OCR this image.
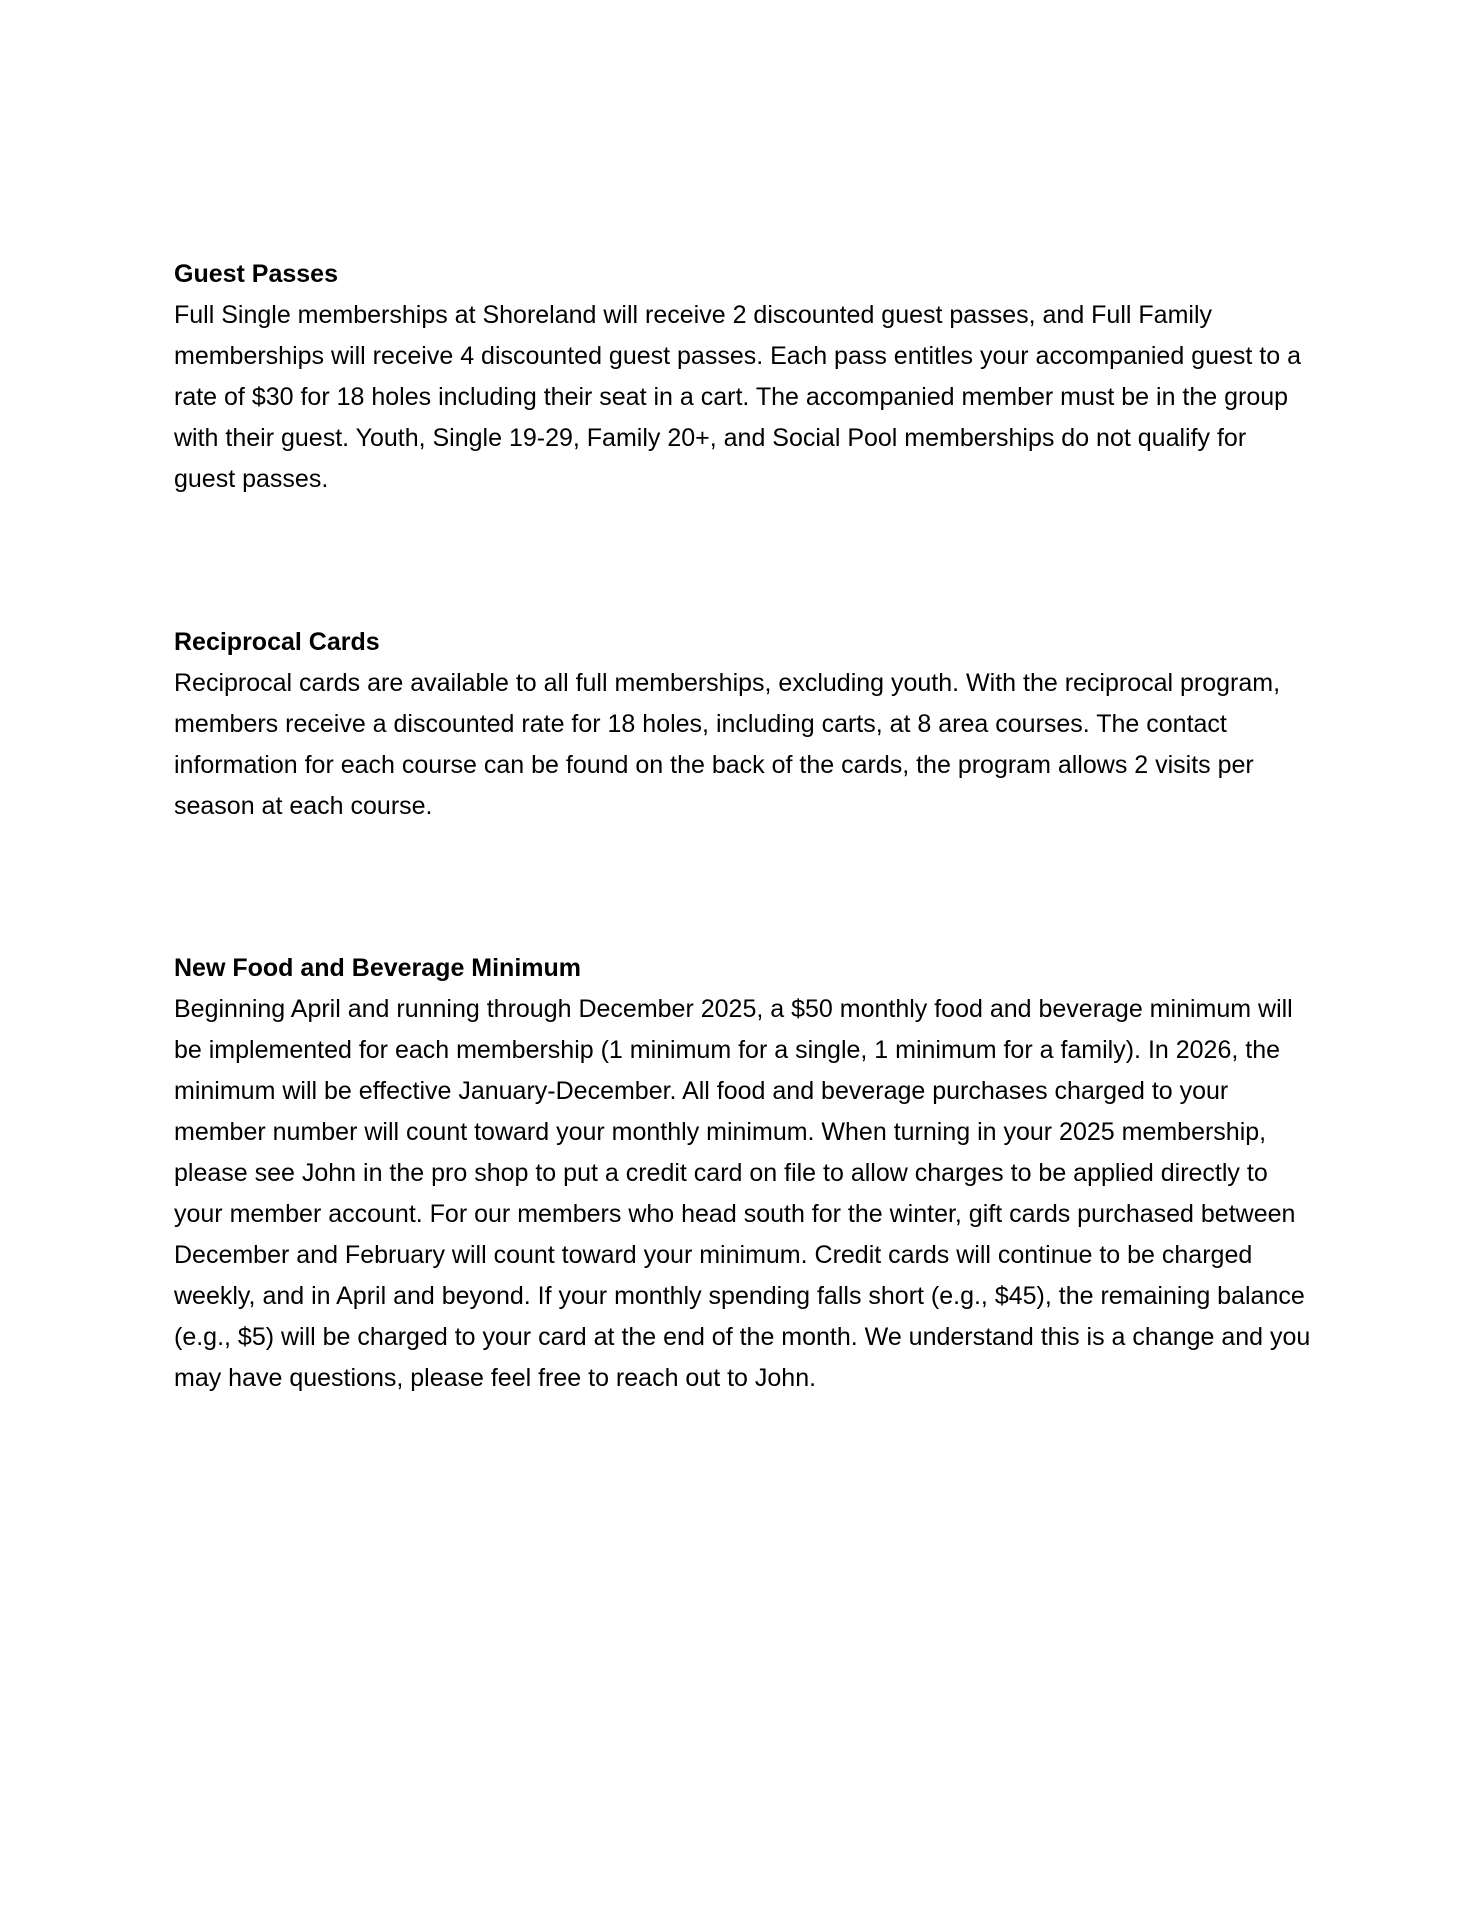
Guest Passes

Full Single memberships at Shoreland will receive 2 discounted guest passes, and Full Family memberships will receive 4 discounted guest passes. Each pass entitles your accompanied guest to a rate of $30 for 18 holes including their seat in a cart. The accompanied member must be in the group with their guest. Youth, Single 19-29, Family 20+, and Social Pool memberships do not qualify for guest passes.

Reciprocal Cards

Reciprocal cards are available to all full memberships, excluding youth. With the reciprocal program, members receive a discounted rate for 18 holes, including carts, at 8 area courses. The contact information for each course can be found on the back of the cards, the program allows 2 visits per season at each course.

New Food and Beverage Minimum

Beginning April and running through December 2025, a $50 monthly food and beverage minimum will be implemented for each membership (1 minimum for a single, 1 minimum for a family). In 2026, the minimum will be effective January-December. All food and beverage purchases charged to your member number will count toward your monthly minimum. When turning in your 2025 membership, please see John in the pro shop to put a credit card on file to allow charges to be applied directly to your member account. For our members who head south for the winter, gift cards purchased between December and February will count toward your minimum. Credit cards will continue to be charged weekly, and in April and beyond. If your monthly spending falls short (e.g., $45), the remaining balance (e.g., $5) will be charged to your card at the end of the month. We understand this is a change and you may have questions, please feel free to reach out to John.
